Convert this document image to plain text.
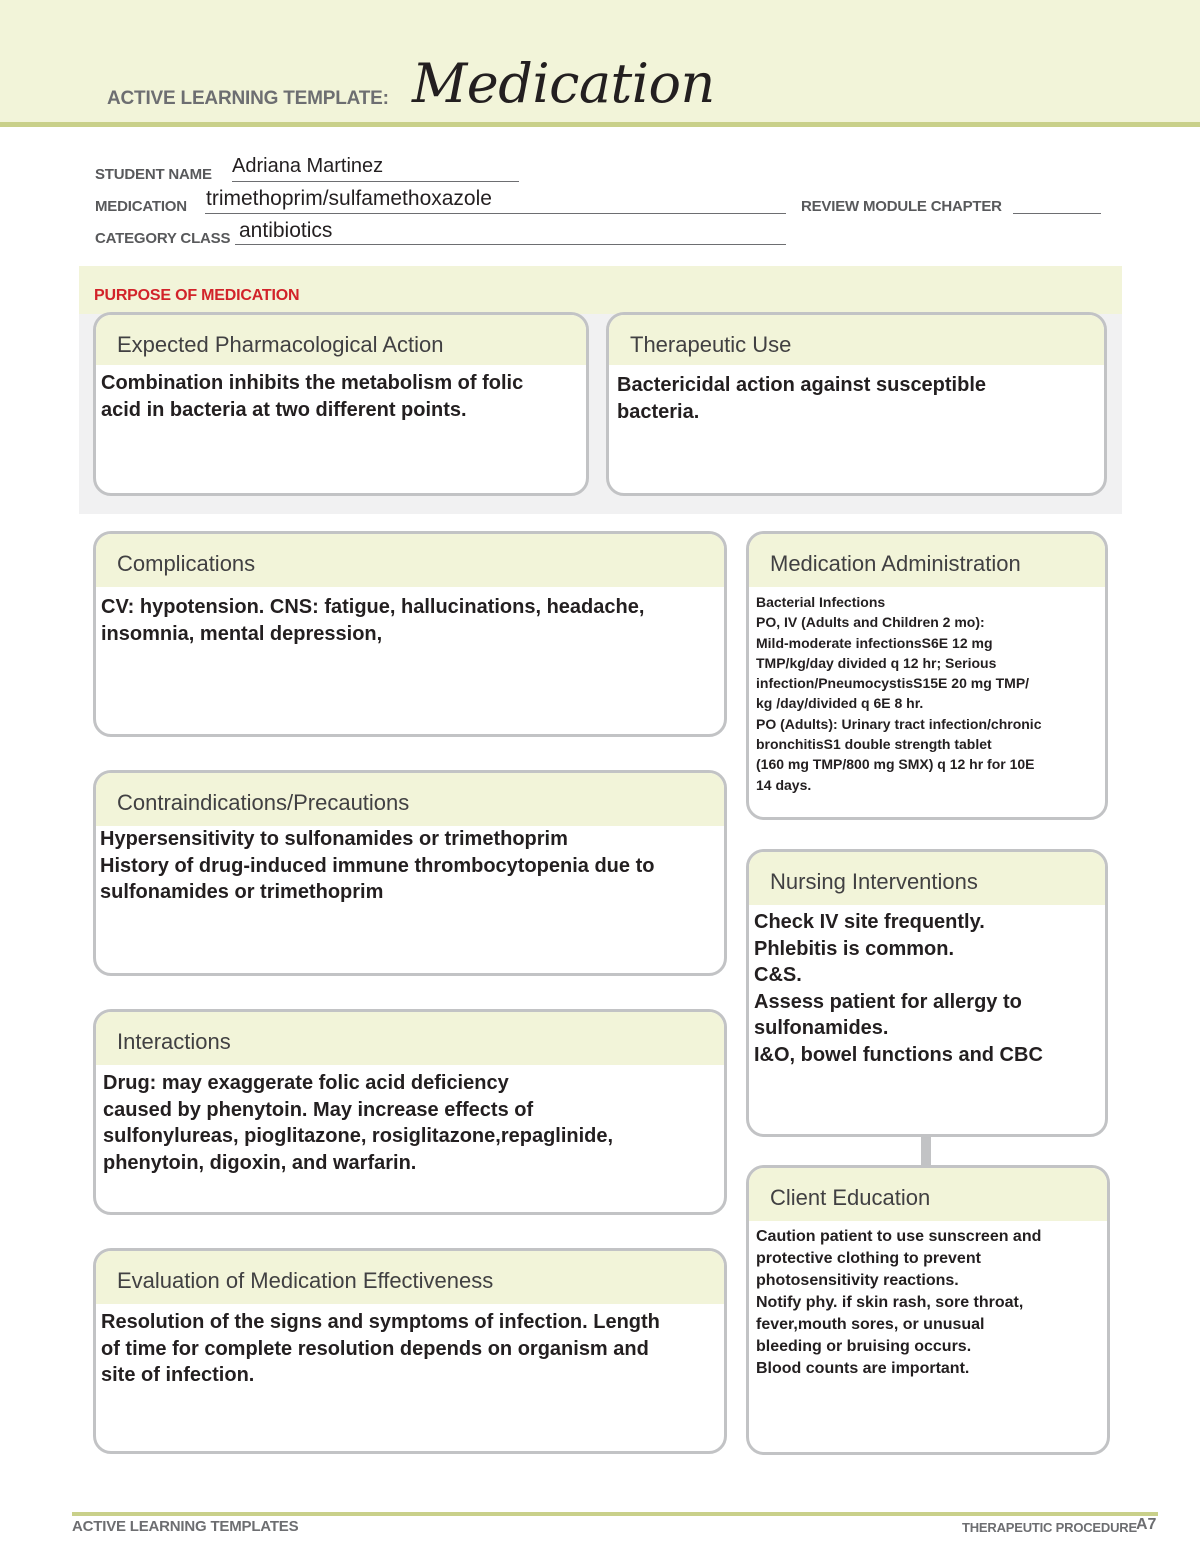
ACTIVE LEARNING TEMPLATE: Medication
STUDENT NAME Adriana Martinez
MEDICATION trimethoprim/sulfamethoxazole	REVIEW MODULE CHAPTER
CATEGORY CLASS antibiotics
PURPOSE OF MEDICATION
Expected Pharmacological Action
Combination inhibits the metabolism of folic
acid in bacteria at two different points.
Therapeutic Use
Bactericidal action against susceptible
bacteria.
Complications
CV: hypotension. CNS: fatigue, hallucinations, headache,
insomnia, mental depression,
Contraindications/Precautions
Hypersensitivity to sulfonamides or trimethoprim
History of drug-induced immune thrombocytopenia due to
sulfonamides or trimethoprim
Interactions
Drug: may exaggerate folic acid deficiency
caused by phenytoin. May increase effects of
sulfonylureas, pioglitazone, rosiglitazone,repaglinide,
phenytoin, digoxin, and warfarin.
Evaluation of Medication Effectiveness
Resolution of the signs and symptoms of infection. Length
of time for complete resolution depends on organism and
site of infection.
Medication Administration
Bacterial Infections
PO, IV (Adults and Children 2 mo):
Mild-moderate infectionsS6E 12 mg
TMP/kg/day divided q 12 hr; Serious
infection/PneumocystisS15E 20 mg TMP/
kg /day/divided q 6E 8 hr.
PO (Adults): Urinary tract infection/chronic
bronchitisS1 double strength tablet
(160 mg TMP/800 mg SMX) q 12 hr for 10E
14 days.
Nursing Interventions
Check IV site frequently.
Phlebitis is common.
C&S.
Assess patient for allergy to
sulfonamides.
I&O, bowel functions and CBC
Client Education
Caution patient to use sunscreen and
protective clothing to prevent
photosensitivity reactions.
Notify phy. if skin rash, sore throat,
fever,mouth sores, or unusual
bleeding or bruising occurs.
Blood counts are important.
ACTIVE LEARNING TEMPLATES	THERAPEUTIC PROCEDURE A7
